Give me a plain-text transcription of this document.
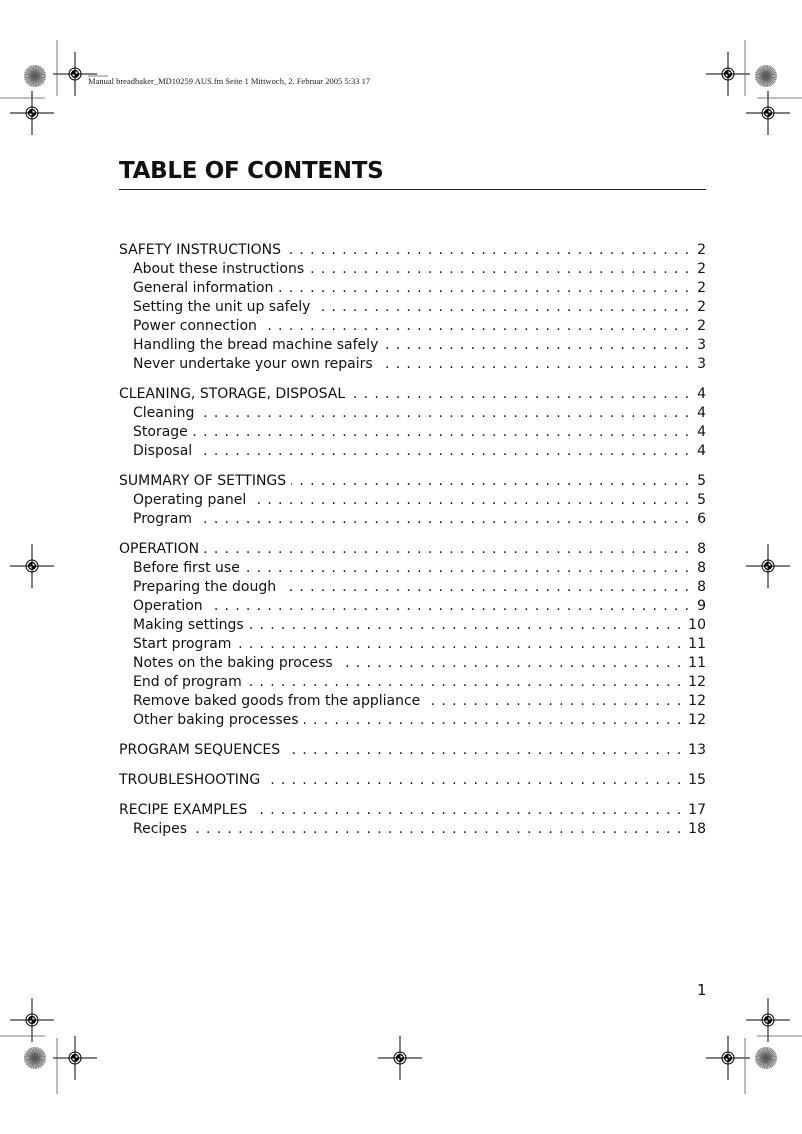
Manual breadbaker_MD10259 AUS.fm Seite 1 Mittwoch, 2. Februar 2005 5:33 17
TABLE OF CONTENTS
SAFETY INSTRUCTIONS . . .	2
About these instructions . . .	2
General information . . .	2
Setting the unit up safely . . .	2
Power connection . . .	2
Handling the bread machine safely . . .	3
Never undertake your own repairs . . .	3
CLEANING, STORAGE, DISPOSAL . . .	4
Cleaning . . .	4
Storage . . .	4
Disposal . . .	4
SUMMARY OF SETTINGS . . .	5
Operating panel . . .	5
Program . . .	6
OPERATION . . .	8
Before first use . . .	8
Preparing the dough . . .	8
Operation . . .	9
Making settings . . .	10
Start program . . .	11
Notes on the baking process . . .	11
End of program . . .	12
Remove baked goods from the appliance . . .	12
Other baking processes . . .	12
PROGRAM SEQUENCES . . .	13
TROUBLESHOOTING . . .	15
RECIPE EXAMPLES . . .	17
Recipes . . .	18
1
